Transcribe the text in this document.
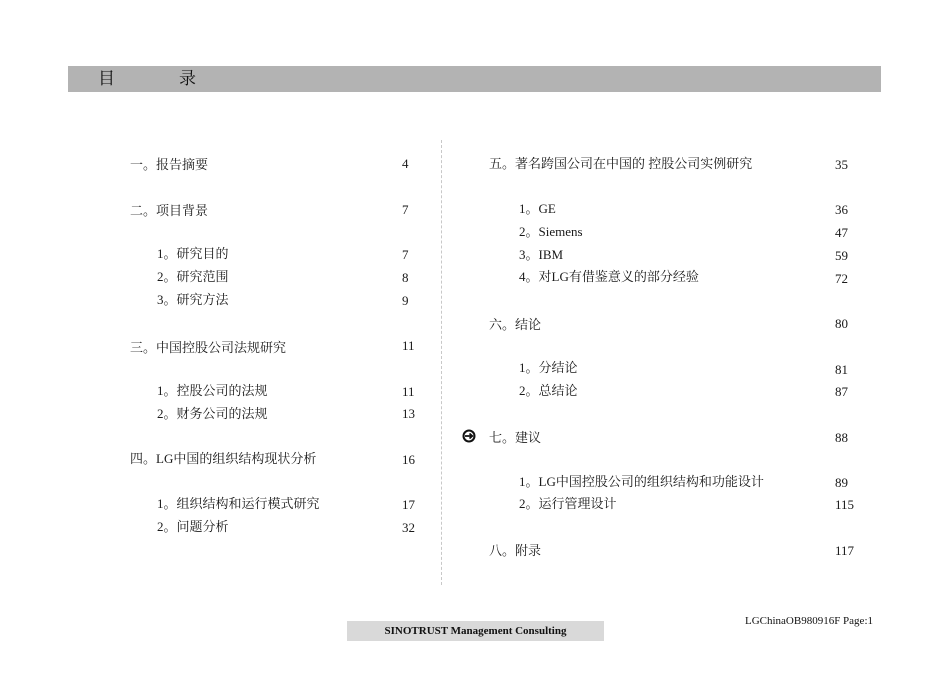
目	录
一。报告摘要	4
二。项目背景	7
1。研究目的	7
2。研究范围	8
3。研究方法	9
三。中国控股公司法规研究	11
1。控股公司的法规	11
2。财务公司的法规	13
四。LG中国的组织结构现状分析	16
1。组织结构和运行模式研究	17
2。问题分析	32
五。著名跨国公司在中国的 控股公司实例研究	35
1。GE	36
2。Siemens	47
3。IBM	59
4。对LG有借鉴意义的部分经验	72
六。结论	80
1。分结论	81
2。总结论	87
七。建议	88
1。LG中国控股公司的组织结构和功能设计	89
2。运行管理设计	115
八。附录	117
SINOTRUST Management Consulting
LGChinaOB980916F Page:1
